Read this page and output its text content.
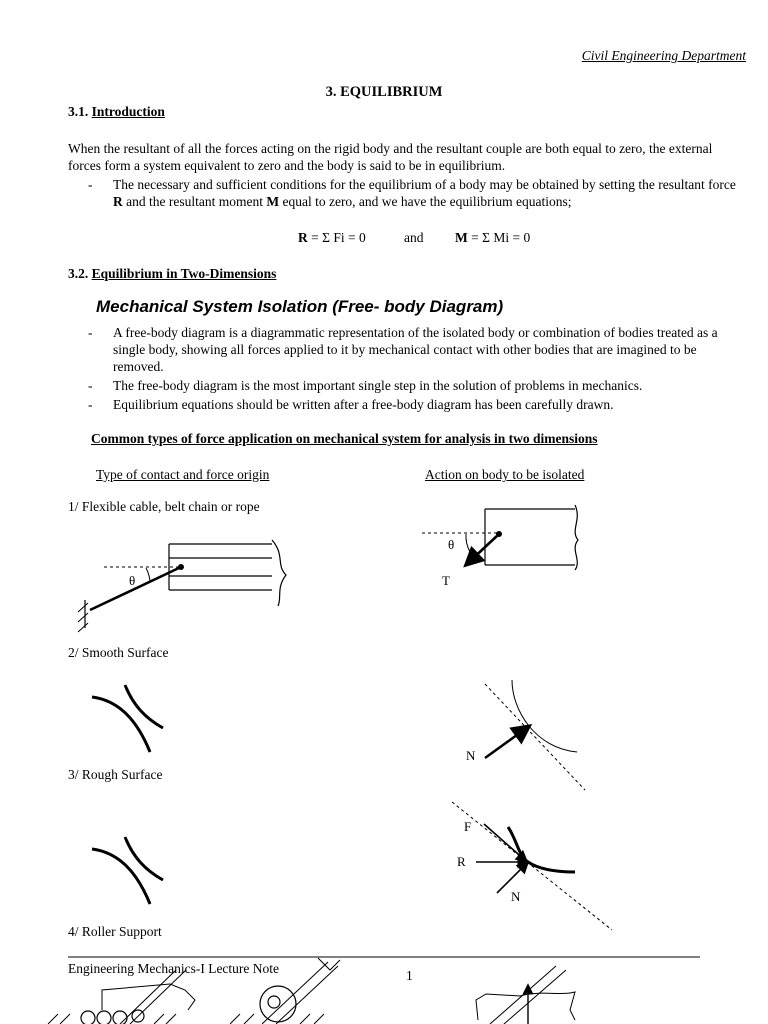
Civil Engineering Department
3. EQUILIBRIUM
3.1. Introduction
When the resultant of all the forces acting on the rigid body and the resultant couple are both equal to zero, the external forces form a system equivalent to zero and the body is said to be in equilibrium.
- The necessary and sufficient conditions for the equilibrium of a body may be obtained by setting the resultant force R and the resultant moment M equal to zero, and we have the equilibrium equations;
R = Σ Fi = 0	and M = Σ Mi = 0
3.2. Equilibrium in Two-Dimensions
Mechanical System Isolation (Free- body Diagram)
- A free-body diagram is a diagrammatic representation of the isolated body or combination of bodies treated as a single body, showing all forces applied to it by mechanical contact with other bodies that are imagined to be removed.
- The free-body diagram is the most important single step in the solution of problems in mechanics.
- Equilibrium equations should be written after a free-body diagram has been carefully drawn.
Common types of force application on mechanical system for analysis in two dimensions
Type of contact and force origin	Action on body to be isolated
1/ Flexible cable, belt chain or rope
2/ Smooth Surface
3/ Rough Surface
4/ Roller Support
θ
θ
T
N
F
R
N
Engineering Mechanics-I Lecture Note	1
